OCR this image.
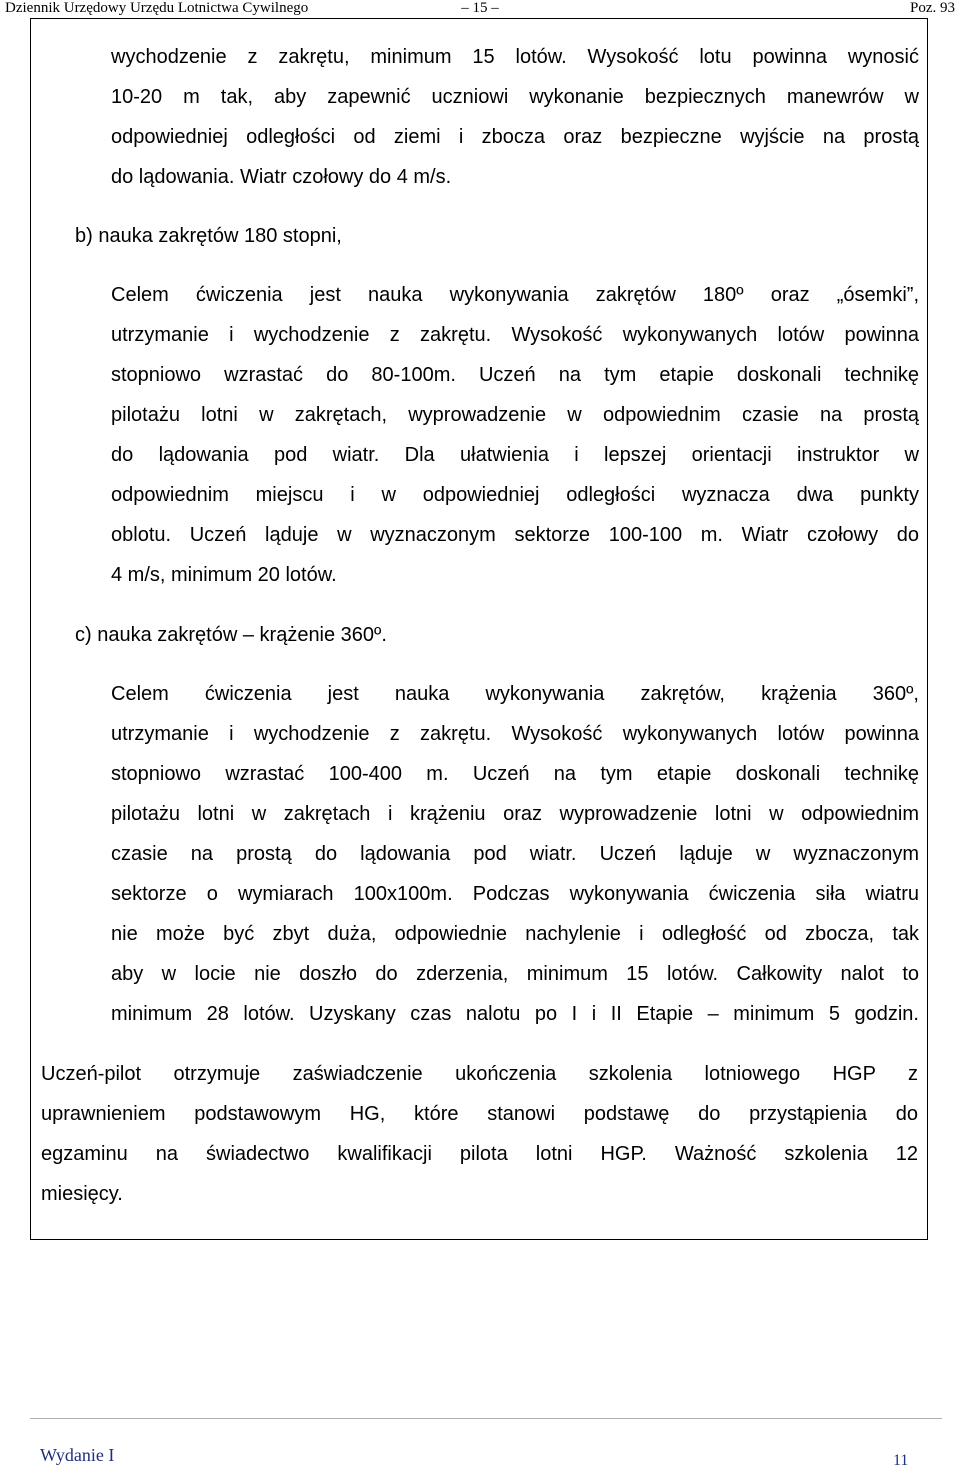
Dziennik Urzędowy Urzędu Lotnictwa Cywilnego	– 15 –	Poz. 93
wychodzenie z zakrętu, minimum 15 lotów. Wysokość lotu powinna wynosić
10-20 m tak, aby zapewnić uczniowi wykonanie bezpiecznych manewrów w
odpowiedniej odległości od ziemi i zbocza oraz bezpieczne wyjście na prostą
do lądowania. Wiatr czołowy do 4 m/s.
b) nauka zakrętów 180 stopni,
Celem ćwiczenia jest nauka wykonywania zakrętów 180º oraz „ósemki”,
utrzymanie i wychodzenie z zakrętu. Wysokość wykonywanych lotów powinna
stopniowo wzrastać do 80-100m. Uczeń na tym etapie doskonali technikę
pilotażu lotni w zakrętach, wyprowadzenie w odpowiednim czasie na prostą
do lądowania pod wiatr. Dla ułatwienia i lepszej orientacji instruktor w
odpowiednim miejscu i w odpowiedniej odległości wyznacza dwa punkty
oblotu. Uczeń ląduje w wyznaczonym sektorze 100-100 m. Wiatr czołowy do
4 m/s, minimum 20 lotów.
c) nauka zakrętów – krążenie 360º.
Celem ćwiczenia jest nauka wykonywania zakrętów, krążenia 360º,
utrzymanie i wychodzenie z zakrętu. Wysokość wykonywanych lotów powinna
stopniowo wzrastać 100-400 m. Uczeń na tym etapie doskonali technikę
pilotażu lotni w zakrętach i krążeniu oraz wyprowadzenie lotni w odpowiednim
czasie na prostą do lądowania pod wiatr. Uczeń ląduje w wyznaczonym
sektorze o wymiarach 100x100m. Podczas wykonywania ćwiczenia siła wiatru
nie może być zbyt duża, odpowiednie nachylenie i odległość od zbocza, tak
aby w locie nie doszło do zderzenia, minimum 15 lotów. Całkowity nalot to
minimum 28 lotów. Uzyskany czas nalotu po I i II Etapie – minimum 5 godzin.
Uczeń-pilot otrzymuje zaświadczenie ukończenia szkolenia lotniowego HGP z
uprawnieniem podstawowym HG, które stanowi podstawę do przystąpienia do
egzaminu na świadectwo kwalifikacji pilota lotni HGP. Ważność szkolenia 12
miesięcy.
Wydanie I	11
